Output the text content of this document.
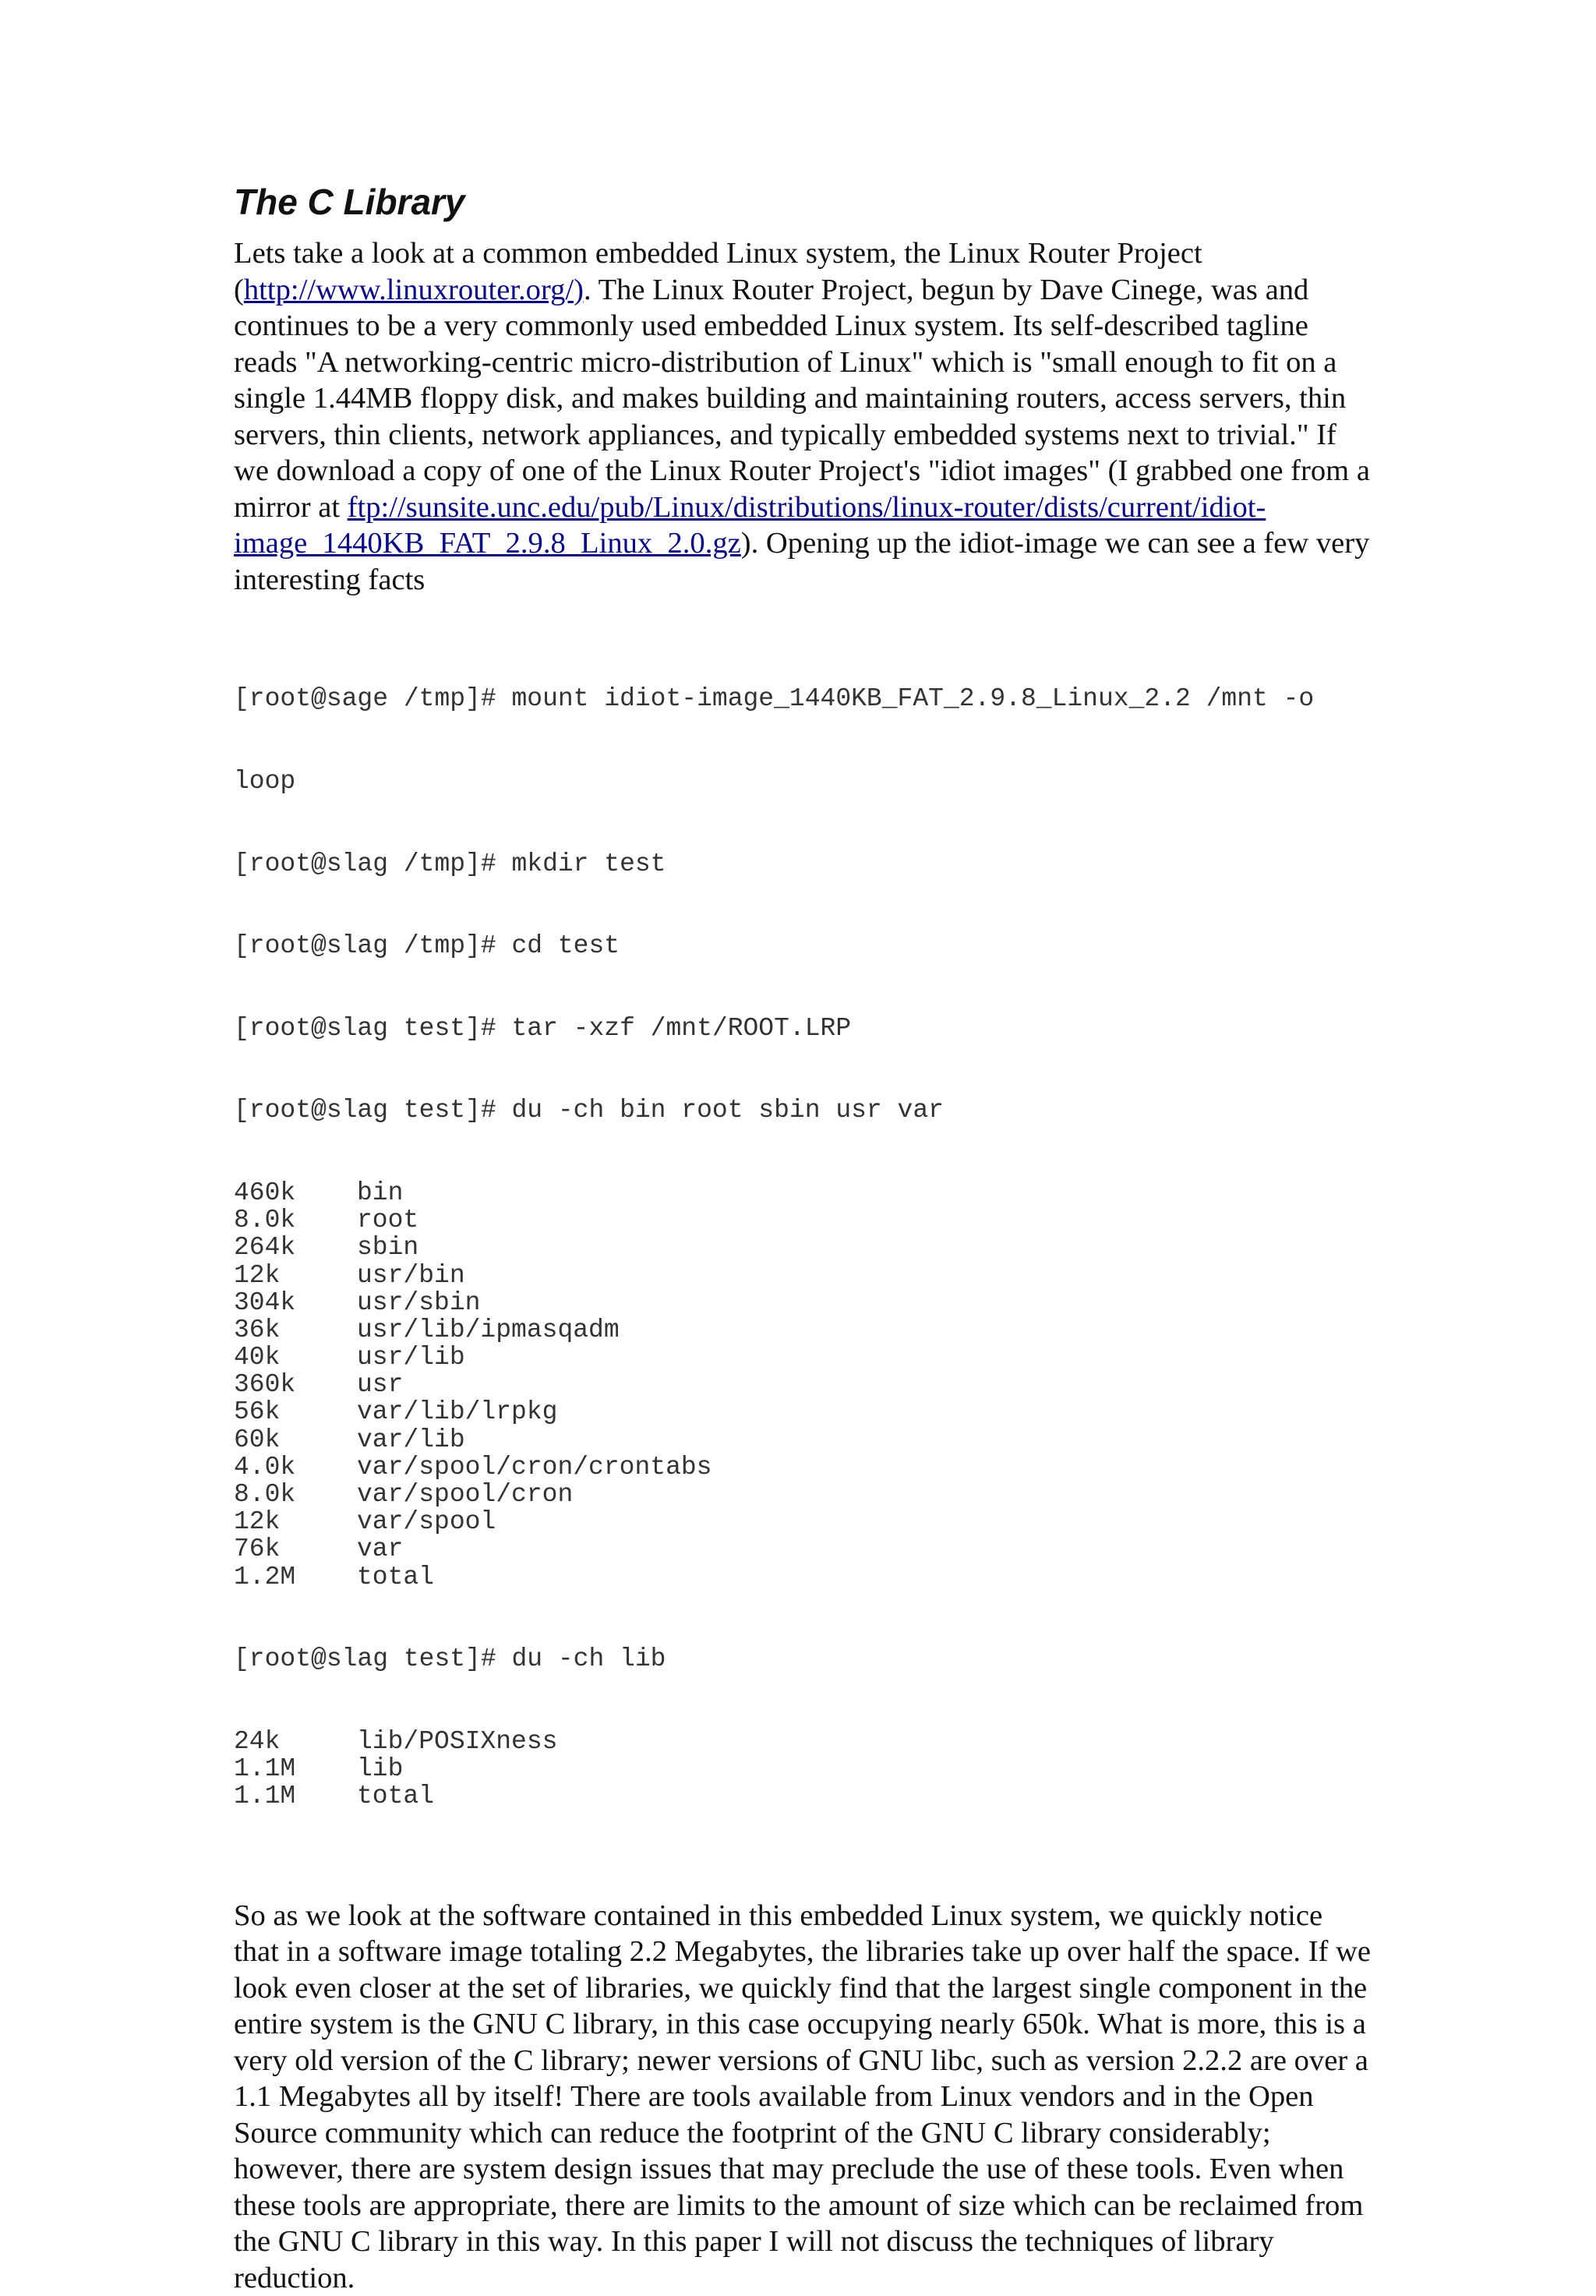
The C Library

Lets take a look at a common embedded Linux system, the Linux Router Project (http://www.linuxrouter.org/). The Linux Router Project, begun by Dave Cinege, was and continues to be a very commonly used embedded Linux system. Its self-described tagline reads "A networking-centric micro-distribution of Linux" which is "small enough to fit on a single 1.44MB floppy disk, and makes building and maintaining routers, access servers, thin servers, thin clients, network appliances, and typically embedded systems next to trivial." If we download a copy of one of the Linux Router Project's "idiot images" (I grabbed one from a mirror at ftp://sunsite.unc.edu/pub/Linux/distributions/linux-router/dists/current/idiot-
image_1440KB_FAT_2.9.8_Linux_2.0.gz). Opening up the idiot-image we can see a few very interesting facts

[root@sage /tmp]# mount idiot-image_1440KB_FAT_2.9.8_Linux_2.2 /mnt -o

loop

[root@slag /tmp]# mkdir test

[root@slag /tmp]# cd test

[root@slag test]# tar -xzf /mnt/ROOT.LRP

[root@slag test]# du -ch bin root sbin usr var

460k bin
8.0k root
264k sbin
12k	usr/bin
304k usr/sbin
36k	usr/lib/ipmasqadm
40k	usr/lib
360k usr
56k	var/lib/lrpkg
60k	var/lib
4.0k var/spool/cron/crontabs
8.0k var/spool/cron
12k	var/spool
76k	var
1.2M total

[root@slag test]# du -ch lib

24k	lib/POSIXness
1.1M lib
1.1M total

So as we look at the software contained in this embedded Linux system, we quickly notice that in a software image totaling 2.2 Megabytes, the libraries take up over half the space. If we look even closer at the set of libraries, we quickly find that the largest single component in the entire system is the GNU C library, in this case occupying nearly 650k. What is more, this is a very old version of the C library; newer versions of GNU libc, such as version 2.2.2 are over a 1.1 Megabytes all by itself! There are tools available from Linux vendors and in the Open Source community which can reduce the footprint of the GNU C library considerably; however, there are system design issues that may preclude the use of these tools. Even when these tools are appropriate, there are limits to the amount of size which can be reclaimed from the GNU C library in this way. In this paper I will not discuss the techniques of library reduction.
